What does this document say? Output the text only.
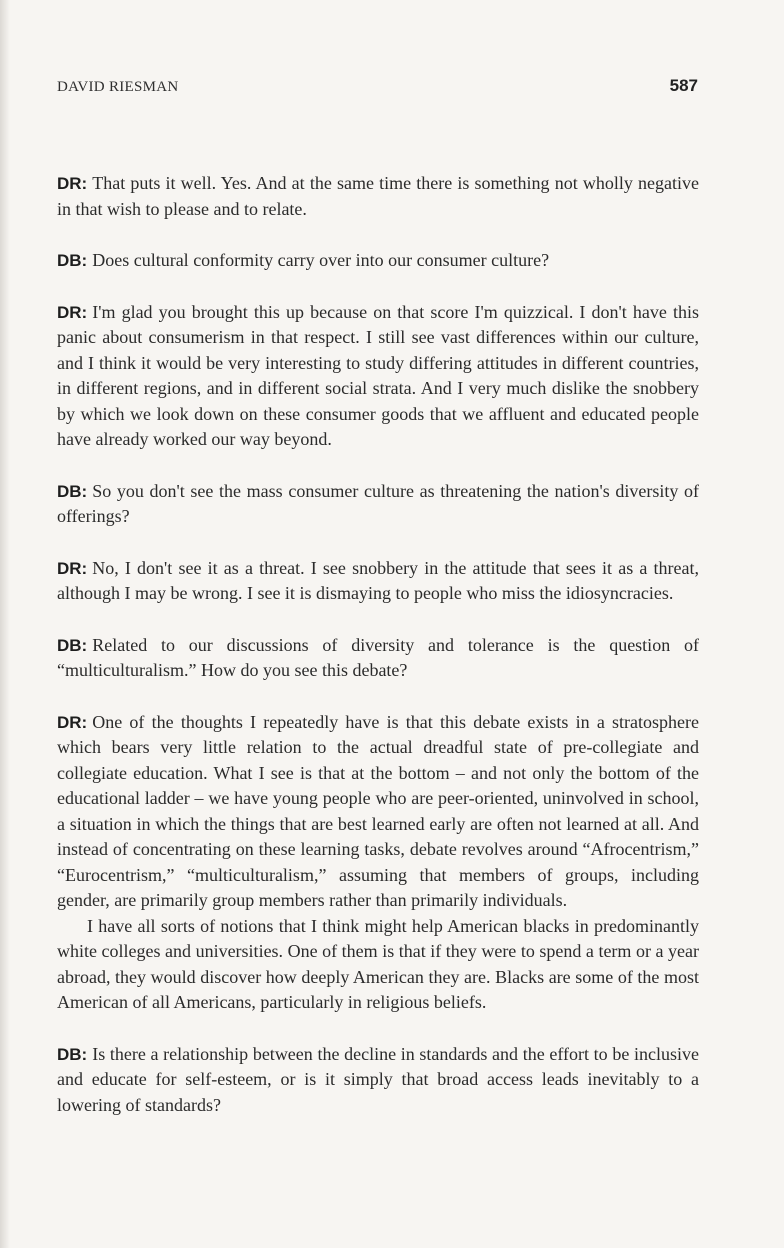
DAVID RIESMAN	587

DR: That puts it well. Yes. And at the same time there is something not wholly negative in that wish to please and to relate.

DB: Does cultural conformity carry over into our consumer culture?

DR: I'm glad you brought this up because on that score I'm quizzical. I don't have this panic about consumerism in that respect. I still see vast differences within our culture, and I think it would be very interesting to study differing attitudes in different countries, in different regions, and in different social strata. And I very much dislike the snobbery by which we look down on these consumer goods that we affluent and educated people have already worked our way beyond.

DB: So you don't see the mass consumer culture as threatening the nation's diversity of offerings?

DR: No, I don't see it as a threat. I see snobbery in the attitude that sees it as a threat, although I may be wrong. I see it is dismaying to people who miss the idiosyncracies.

DB: Related to our discussions of diversity and tolerance is the question of “multiculturalism.” How do you see this debate?

DR: One of the thoughts I repeatedly have is that this debate exists in a stratosphere which bears very little relation to the actual dreadful state of pre-collegiate and collegiate education. What I see is that at the bottom – and not only the bottom of the educational ladder – we have young people who are peer-oriented, uninvolved in school, a situation in which the things that are best learned early are often not learned at all. And instead of concentrating on these learning tasks, debate revolves around “Afrocentrism,” “Eurocentrism,” “multiculturalism,” assuming that members of groups, including gender, are primarily group members rather than primarily individuals.

I have all sorts of notions that I think might help American blacks in predominantly white colleges and universities. One of them is that if they were to spend a term or a year abroad, they would discover how deeply American they are. Blacks are some of the most American of all Americans, particularly in religious beliefs.

DB: Is there a relationship between the decline in standards and the effort to be inclusive and educate for self-esteem, or is it simply that broad access leads inevitably to a lowering of standards?
